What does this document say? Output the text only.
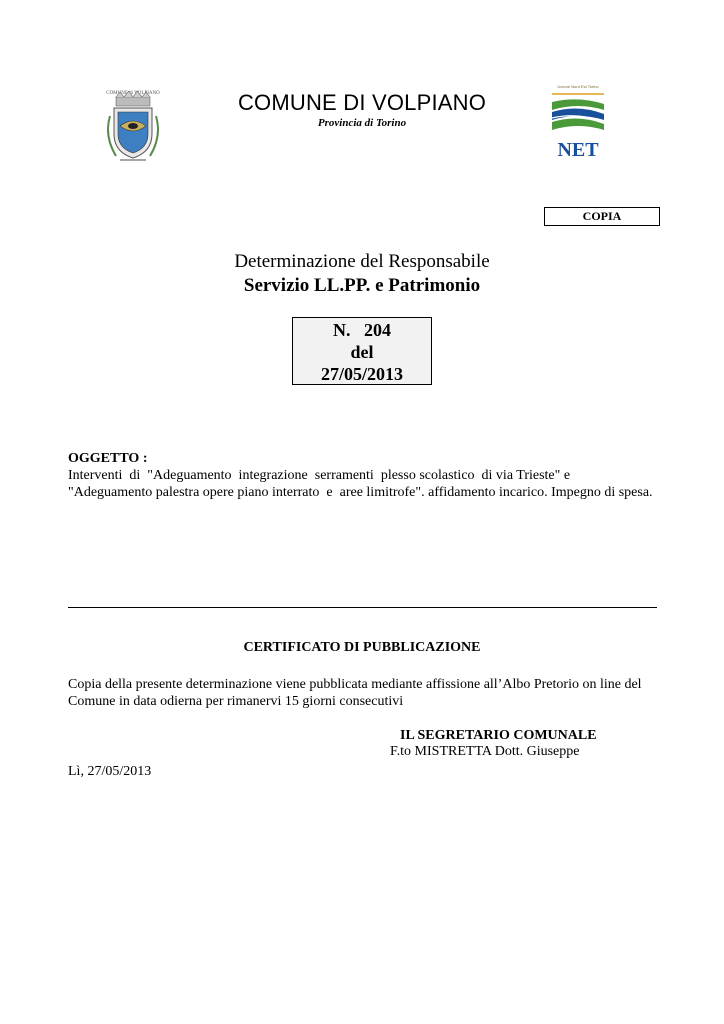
COMUNE di VOLPIANO	COMUNE DI VOLPIANO
Provincia di Torino
Unione Nord Est Torino
NET
COPIA
Determinazione del Responsabile
Servizio LL.PP. e Patrimonio
N.   204
del
27/05/2013
OGGETTO :
Interventi  di  "Adeguamento  integrazione  serramenti  plesso scolastico  di via Trieste" e "Adeguamento palestra opere piano interrato  e  aree limitrofe". affidamento incarico. Impegno di spesa.
CERTIFICATO DI PUBBLICAZIONE
Copia della presente determinazione viene pubblicata mediante affissione all’Albo Pretorio on line del Comune in data odierna per rimanervi 15 giorni consecutivi
IL SEGRETARIO COMUNALE
F.to MISTRETTA Dott. Giuseppe
Lì, 27/05/2013
